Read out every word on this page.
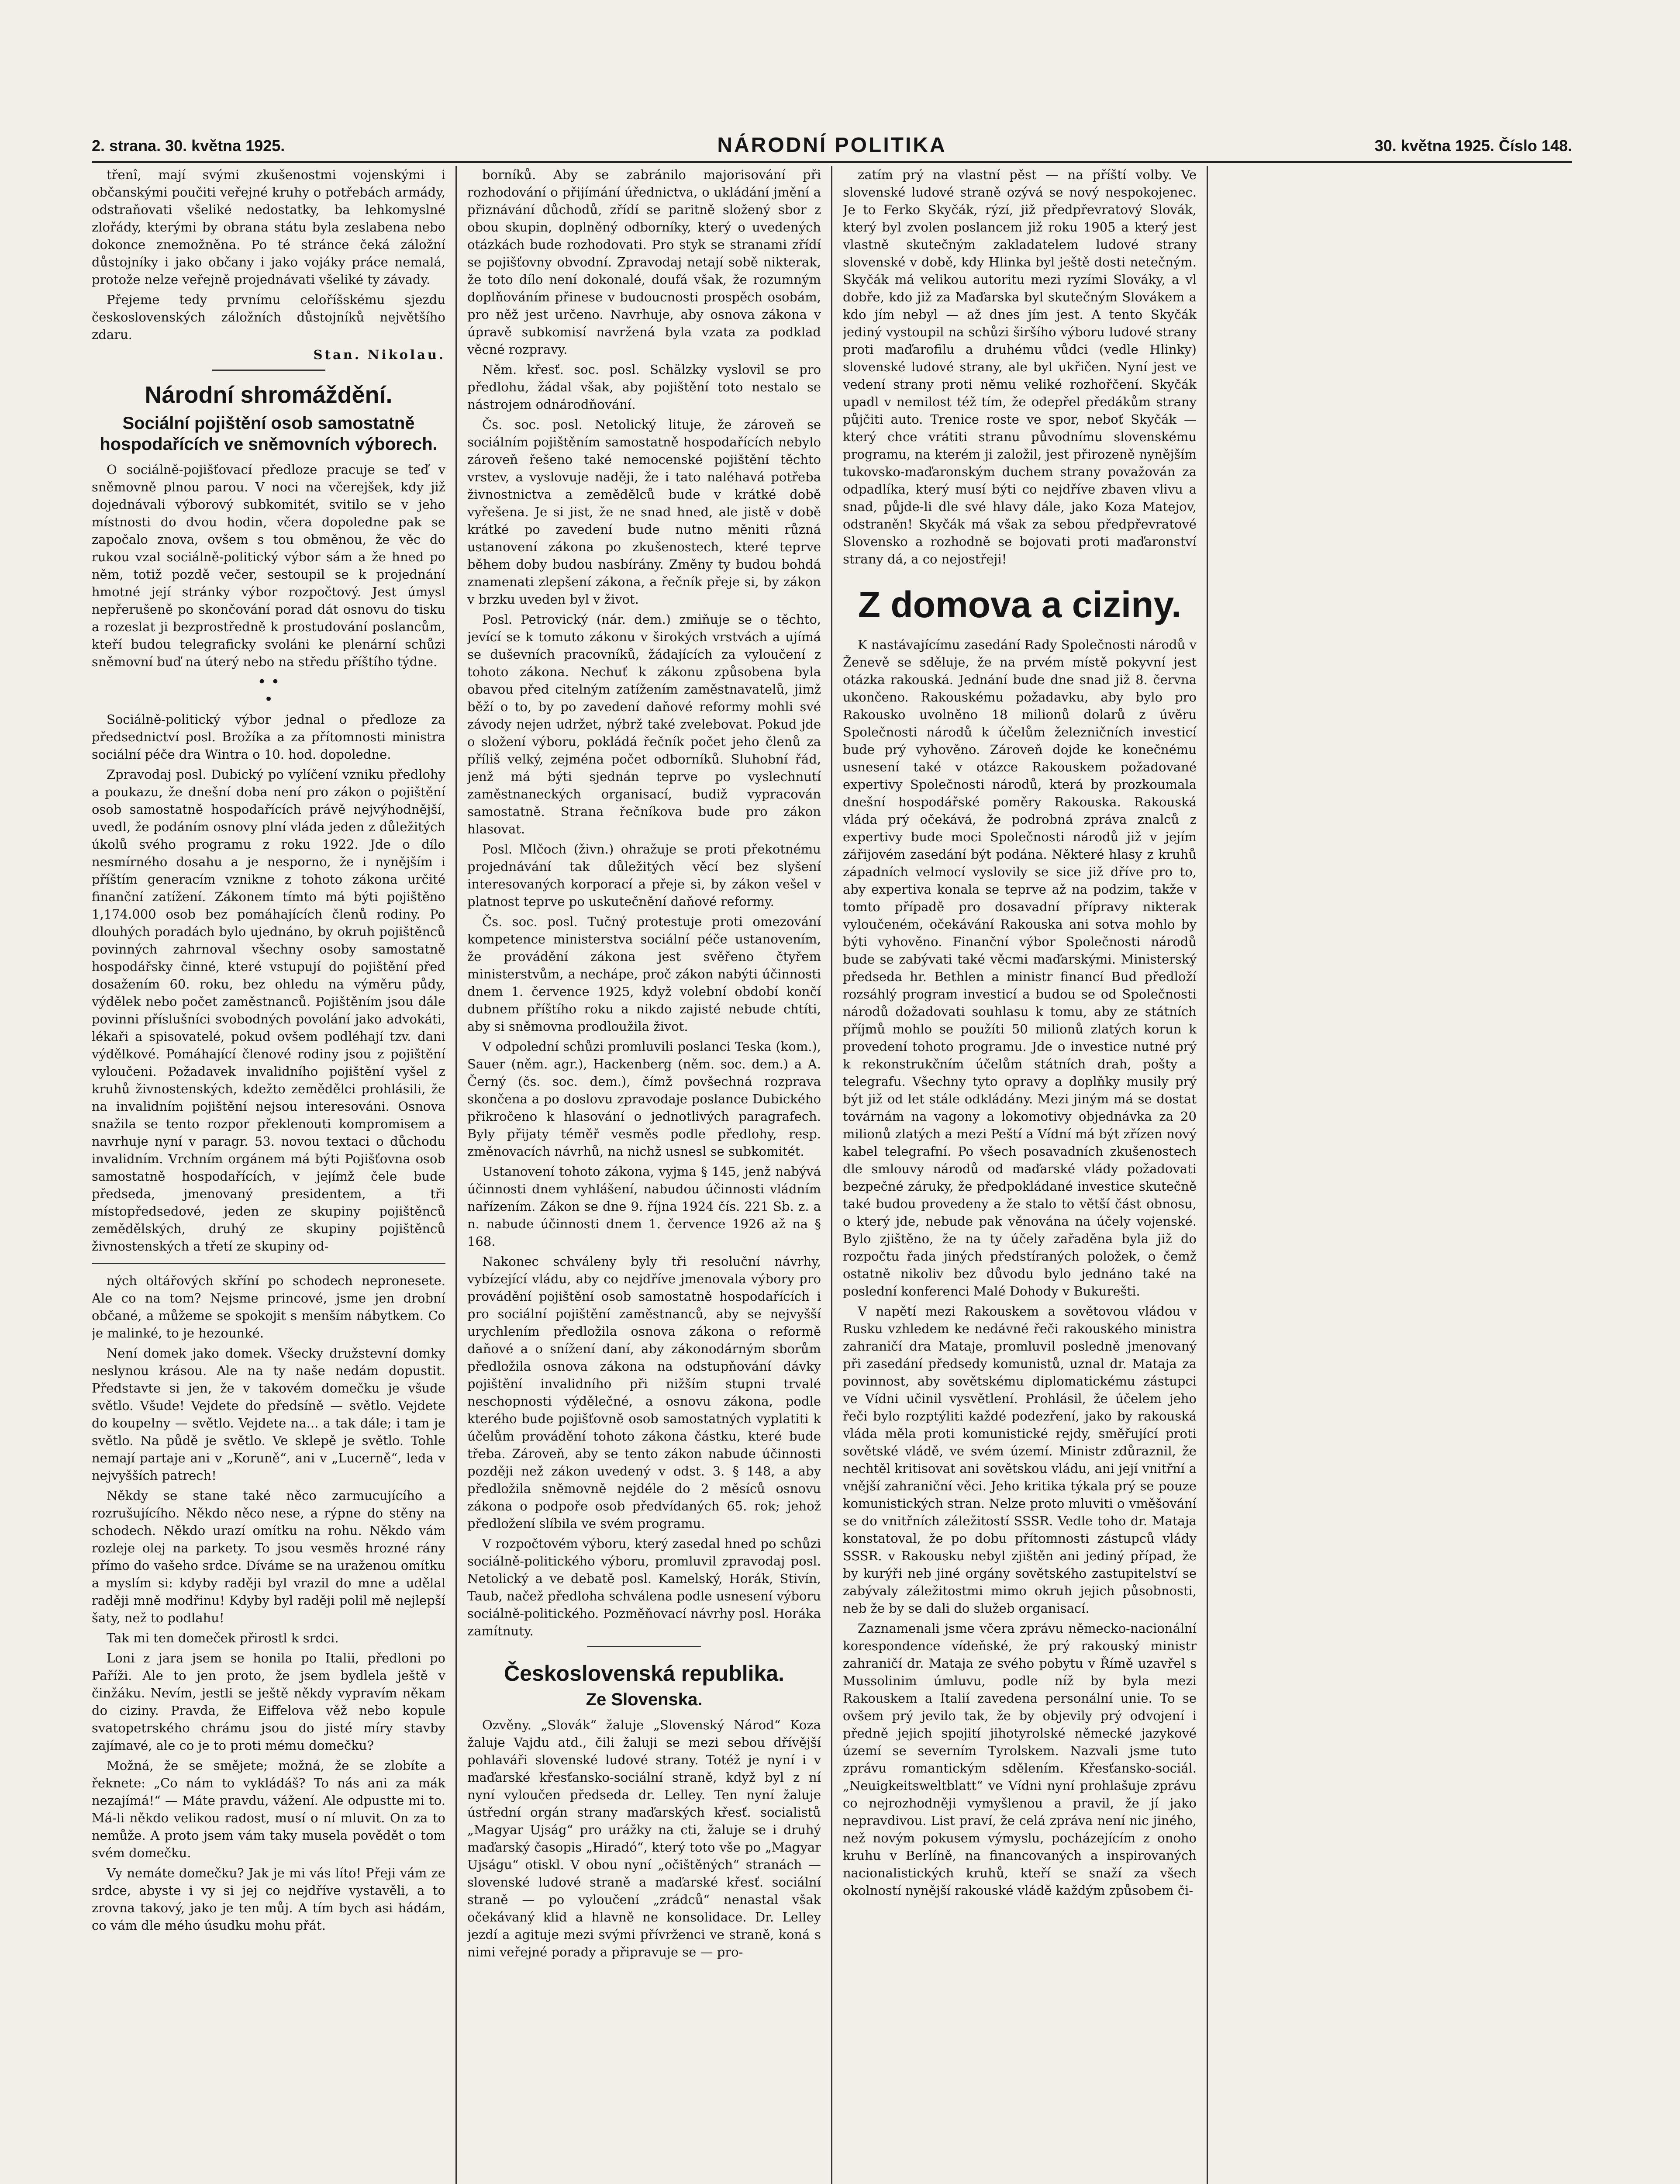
2. strana. 30. května 1925.	NÁRODNÍ POLITIKA	30. května 1925. Číslo 148.

třenî, mají svými zkušenostmi vojenskými i občanskými poučiti veřejné kruhy o potřebách armády, odstraňovati všeliké nedostatky, ba lehkomyslné zlořády, kterými by obrana státu byla zeslabena nebo dokonce znemožněna. Po té stránce čeká záložní důstojníky i jako občany i jako vojáky práce nemalá, protože nelze veřejně projednávati všeliké ty závady.

Přejeme tedy prvnímu celoříšskému sjezdu československých záložních důstojníků největšího zdaru.

Stan. Nikolau.
Národní shromáždění.
Sociální pojištění osob samostatně hospodařících ve sněmovních výborech.

O sociálně-pojišťovací předloze pracuje se teď v sněmovně plnou parou. V noci na včerejšek, kdy již dojednávali výborový subkomitét, svitilo se v jeho místnosti do dvou hodin, včera dopoledne pak se započalo znova, ovšem s tou obměnou, že věc do rukou vzal sociálně-politický výbor sám a že hned po něm, totiž pozdě večer, sestoupil se k projednání hmotné její stránky výbor rozpočtový. Jest úmysl nepřerušeně po skončování porad dát osnovu do tisku a rozeslat ji bezprostředně k prostudování poslancům, kteří budou telegraficky svoláni ke plenární schůzi sněmovní buď na úterý nebo na středu příštího týdne.

• •
•

Sociálně-politický výbor jednal o předloze za předsednictví posl. Brožíka a za přítomnosti ministra sociální péče dra Wintra o 10. hod. dopoledne.

Zpravodaj posl. Dubický po vylíčení vzniku předlohy a poukazu, že dnešní doba není pro zákon o pojištění osob samostatně hospodařících právě nejvýhodnější, uvedl, že podáním osnovy plní vláda jeden z důležitých úkolů svého programu z roku 1922. Jde o dílo nesmírného dosahu a je nesporno, že i nynějším i příštím generacím vznikne z tohoto zákona určité finanční zatížení. Zákonem tímto má býti pojištěno 1,174.000 osob bez pomáhajících členů rodiny. Po dlouhých poradách bylo ujednáno, by okruh pojištěnců povinných zahrnoval všechny osoby samostatně hospodářsky činné, které vstupují do pojištění před dosažením 60. roku, bez ohledu na výměru půdy, výdělek nebo počet zaměstnanců. Pojištěním jsou dále povinni příslušníci svobodných povolání jako advokáti, lékaři a spisovatelé, pokud ovšem podléhají tzv. dani výdělkové. Pomáhající členové rodiny jsou z pojištění vyloučeni. Požadavek invalidního pojištění vyšel z kruhů živnostenských, kdežto zemědělci prohlásili, že na invalidním pojištění nejsou interesováni. Osnova snažila se tento rozpor překlenouti kompromisem a navrhuje nyní v paragr. 53. novou textaci o důchodu invalidním. Vrchním orgánem má býti Pojišťovna osob samostatně hospodařících, v jejímž čele bude předseda, jmenovaný presidentem, a tři místopředsedové, jeden ze skupiny pojištěnců zemědělských, druhý ze skupiny pojištěnců živnostenských a třetí ze skupiny od-

ných oltářových skříní po schodech nepronesete. Ale co na tom? Nejsme princové, jsme jen drobní občané, a můžeme se spokojit s menším nábytkem. Co je malinké, to je hezounké.

Není domek jako domek. Všecky družstevní domky neslynou krásou. Ale na ty naše nedám dopustit. Představte si jen, že v takovém domečku je všude světlo. Všude! Vejdete do předsíně — světlo. Vejdete do koupelny — světlo. Vejdete na... a tak dále; i tam je světlo. Na půdě je světlo. Ve sklepě je světlo. Tohle nemají partaje ani v „Koruně“, ani v „Lucerně“, leda v nejvyšších patrech!

Někdy se stane také něco zarmucujícího a rozrušujícího. Někdo něco nese, a rýpne do stěny na schodech. Někdo urazí omítku na rohu. Někdo vám rozleje olej na parkety. To jsou vesměs hrozné rány přímo do vašeho srdce. Díváme se na uraženou omítku a myslím si: kdyby raději byl vrazil do mne a udělal raději mně modřinu! Kdyby byl raději polil mě nejlepší šaty, než to podlahu!

Tak mi ten domeček přirostl k srdci.

Loni z jara jsem se honila po Italii, předloni po Paříži. Ale to jen proto, že jsem bydlela ještě v činžáku. Nevím, jestli se ještě někdy vypravím někam do ciziny. Pravda, že Eiffelova věž nebo kopule svatopetrského chrámu jsou do jisté míry stavby zajímavé, ale co je to proti mému domečku?

Možná, že se smějete; možná, že se zlobíte a řeknete: „Co nám to vykládáš? To nás ani za mák nezajímá!“ — Máte pravdu, vážení. Ale odpustte mi to. Má-li někdo velikou radost, musí o ní mluvit. On za to nemůže. A proto jsem vám taky musela povědět o tom svém domečku.

Vy nemáte domečku? Jak je mi vás líto! Přeji vám ze srdce, abyste i vy si jej co nejdříve vystavěli, a to zrovna takový, jako je ten můj. A tím bych asi hádám, co vám dle mého úsudku mohu přát.

borníků. Aby se zabránilo majorisování při rozhodování o přijímání úřednictva, o ukládání jmění a přiznávání důchodů, zřídí se paritně složený sbor z obou skupin, doplněný odborníky, který o uvedených otázkách bude rozhodovati. Pro styk se stranami zřídí se pojišťovny obvodní. Zpravodaj netají sobě nikterak, že toto dílo není dokonalé, doufá však, že rozumným doplňováním přinese v budoucnosti prospěch osobám, pro něž jest určeno. Navrhuje, aby osnova zákona v úpravě subkomisí navržená byla vzata za podklad věcné rozpravy.

Něm. křesť. soc. posl. Schälzky vyslovil se pro předlohu, žádal však, aby pojištění toto nestalo se nástrojem odnárodňování.

Čs. soc. posl. Netolický lituje, že zároveň se sociálním pojištěním samostatně hospodařících nebylo zároveň řešeno také nemocenské pojištění těchto vrstev, a vyslovuje naději, že i tato naléhavá potřeba živnostnictva a zemědělců bude v krátké době vyřešena. Je si jist, že ne snad hned, ale jistě v době krátké po zavedení bude nutno měniti různá ustanovení zákona po zkušenostech, které teprve během doby budou nasbírány. Změny ty budou bohdá znamenati zlepšení zákona, a řečník přeje si, by zákon v brzku uveden byl v život.

Posl. Petrovický (nár. dem.) zmiňuje se o těchto, jevící se k tomuto zákonu v širokých vrstvách a ujímá se duševních pracovníků, žádajících za vyloučení z tohoto zákona. Nechuť k zákonu způsobena byla obavou před citelným zatížením zaměstnavatelů, jimž běží o to, by po zavedení daňové reformy mohli své závody nejen udržet, nýbrž také zvelebovat. Pokud jde o složení výboru, pokládá řečník počet jeho členů za příliš velký, zejména počet odborníků. Sluhobní řád, jenž má býti sjednán teprve po vyslechnutí zaměstnaneckých organisací, budiž vypracován samostatně. Strana řečníkova bude pro zákon hlasovat.

Posl. Mlčoch (živn.) ohražuje se proti překotnému projednávání tak důležitých věcí bez slyšení interesovaných korporací a přeje si, by zákon vešel v platnost teprve po uskutečnění daňové reformy.

Čs. soc. posl. Tučný protestuje proti omezování kompetence ministerstva sociální péče ustanovením, že provádění zákona jest svěřeno čtyřem ministerstvům, a nechápe, proč zákon nabýti účinnosti dnem 1. července 1925, když volební období končí dubnem příštího roku a nikdo zajisté nebude chtíti, aby si sněmovna prodloužila život.

V odpolední schůzi promluvili poslanci Teska (kom.), Sauer (něm. agr.), Hackenberg (něm. soc. dem.) a A. Černý (čs. soc. dem.), čímž povšechná rozprava skončena a po doslovu zpravodaje poslance Dubického přikročeno k hlasování o jednotlivých paragrafech. Byly přijaty téměř vesměs podle předlohy, resp. změnovacích návrhů, na nichž usnesl se subkomitét.

Ustanovení tohoto zákona, vyjma § 145, jenž nabývá účinnosti dnem vyhlášení, nabudou účinnosti vládním nařízením. Zákon se dne 9. října 1924 čís. 221 Sb. z. a n. nabude účinnosti dnem 1. července 1926 až na § 168.

Nakonec schváleny byly tři resoluční návrhy, vybízející vládu, aby co nejdříve jmenovala výbory pro provádění pojištění osob samostatně hospodařících i pro sociální pojištění zaměstnanců, aby se nejvyšší urychlením předložila osnova zákona o reformě daňové a o snížení daní, aby zákonodárným sborům předložila osnova zákona na odstupňování dávky pojištění invalidního při nižším stupni trvalé neschopnosti výdělečné, a osnovu zákona, podle kterého bude pojišťovně osob samostatných vyplatiti k účelům provádění tohoto zákona částku, které bude třeba. Zároveň, aby se tento zákon nabude účinnosti později než zákon uvedený v odst. 3. § 148, a aby předložila sněmovně nejdéle do 2 měsíců osnovu zákona o podpoře osob předvídaných 65. rok; jehož předložení slíbila ve svém programu.

V rozpočtovém výboru, který zasedal hned po schůzi sociálně-politického výboru, promluvil zpravodaj posl. Netolický a ve debatě posl. Kamelský, Horák, Stivín, Taub, načež předloha schválena podle usnesení výboru sociálně-politického. Pozměňovací návrhy posl. Horáka zamítnuty.

Československá republika.
Ze Slovenska.

Ozvěny. „Slovák“ žaluje „Slovenský Národ“ Koza žaluje Vajdu atd., čili žaluji se mezi sebou dřívější pohlaváři slovenské ludové strany. Totéž je nyní i v maďarské křesťansko-sociální straně, když byl z ní nyní vyloučen předseda dr. Lelley. Ten nyní žaluje ústřední orgán strany maďarských křesť. socialistů „Magyar Ujság“ pro urážky na cti, žaluje se i druhý maďarský časopis „Hiradó“, který toto vše po „Magyar Ujságu“ otiskl. V obou nyní „očištěných“ stranách — slovenské ludové straně a maďarské křesť. sociální straně — po vyloučení „zrádců“ nenastal však očekávaný klid a hlavně ne konsolidace. Dr. Lelley jezdí a agituje mezi svými přívrženci ve straně, koná s nimi veřejné porady a připravuje se — pro-

zatím prý na vlastní pěst — na příští volby. Ve slovenské ludové straně ozývá se nový nespokojenec. Je to Ferko Skyčák, rýzí, již předpřevratový Slovák, který byl zvolen poslancem již roku 1905 a který jest vlastně skutečným zakladatelem ludové strany slovenské v době, kdy Hlinka byl ještě dosti netečným. Skyčák má velikou autoritu mezi ryzími Slováky, a vl dobře, kdo již za Maďarska byl skutečným Slovákem a kdo jím nebyl — až dnes jím jest. A tento Skyčák jediný vystoupil na schůzi širšího výboru ludové strany proti maďarofilu a druhému vůdci (vedle Hlinky) slovenské ludové strany, ale byl ukřičen. Nyní jest ve vedení strany proti němu veliké rozhořčení. Skyčák upadl v nemilost též tím, že odepřel předákům strany půjčiti auto. Trenice roste ve spor, neboť Skyčák — který chce vrátiti stranu původnímu slovenskému programu, na kterém ji založil, jest přirozeně nynějším tukovsko-maďaronským duchem strany považován za odpadlíka, který musí býti co nejdříve zbaven vlivu a snad, půjde-li dle své hlavy dále, jako Koza Matejov, odstraněn! Skyčák má však za sebou předpřevratové Slovensko a rozhodně se bojovati proti maďaronství strany dá, a co nejostřeji!

Z domova a ciziny.

K nastávajícímu zasedání Rady Společnosti národů v Ženevě se sděluje, že na prvém místě pokyvní jest otázka rakouská. Jednání bude dne snad již 8. června ukončeno. Rakouskému požadavku, aby bylo pro Rakousko uvolněno 18 milionů dolarů z úvěru Společnosti národů k účelům železničních investicí bude prý vyhověno. Zároveň dojde ke konečnému usnesení také v otázce Rakouskem požadované expertivy Společnosti národů, která by prozkoumala dnešní hospodářské poměry Rakouska. Rakouská vláda prý očekává, že podrobná zpráva znalců z expertivy bude moci Společnosti národů již v jejím zářijovém zasedání být podána. Některé hlasy z kruhů západních velmocí vyslovily se sice již dříve pro to, aby expertiva konala se teprve až na podzim, takže v tomto případě pro dosavadní přípravy nikterak vyloučeném, očekávání Rakouska ani sotva mohlo by býti vyhověno. Finanční výbor Společnosti národů bude se zabývati také věcmi maďarskými. Ministerský předseda hr. Bethlen a ministr financí Bud předloží rozsáhlý program investicí a budou se od Společnosti národů dožadovati souhlasu k tomu, aby ze státních příjmů mohlo se použíti 50 milionů zlatých korun k provedení tohoto programu. Jde o investice nutné prý k rekonstrukčním účelům státních drah, pošty a telegrafu. Všechny tyto opravy a doplňky musily prý být již od let stále odkládány. Mezi jiným má se dostat továrnám na vagony a lokomotivy objednávka za 20 milionů zlatých a mezi Peští a Vídní má být zřízen nový kabel telegrafní. Po všech posavadních zkušenostech dle smlouvy národů od maďarské vlády požadovati bezpečné záruky, že předpokládané investice skutečně také budou provedeny a že stalo to větší část obnosu, o který jde, nebude pak věnována na účely vojenské. Bylo zjištěno, že na ty účely zařaděna byla již do rozpočtu řada jiných předstíraných položek, o čemž ostatně nikoliv bez důvodu bylo jednáno také na poslední konferenci Malé Dohody v Bukurešti.

V napětí mezi Rakouskem a sovětovou vládou v Rusku vzhledem ke nedávné řeči rakouského ministra zahraničí dra Mataje, promluvil posledně jmenovaný při zasedání předsedy komunistů, uznal dr. Mataja za povinnost, aby sovětskému diplomatickému zástupci ve Vídni učinil vysvětlení. Prohlásil, že účelem jeho řeči bylo rozptýliti každé podezření, jako by rakouská vláda měla proti komunistické rejdy, směřující proti sovětské vládě, ve svém území. Ministr zdůraznil, že nechtěl kritisovat ani sovětskou vládu, ani její vnitřní a vnější zahraniční věci. Jeho kritika týkala prý se pouze komunistických stran. Nelze proto mluviti o vměšování se do vnitřních záležitostí SSSR. Vedle toho dr. Mataja konstatoval, že po dobu přítomnosti zástupců vlády SSSR. v Rakousku nebyl zjištěn ani jediný případ, že by kurýři neb jiné orgány sovětského zastupitelství se zabývaly záležitostmi mimo okruh jejich působnosti, neb že by se dali do služeb organisací.

Zaznamenali jsme včera zprávu německo-nacionální korespondence vídeňské, že prý rakouský ministr zahraničí dr. Mataja ze svého pobytu v Římě uzavřel s Mussolinim úmluvu, podle níž by byla mezi Rakouskem a Italií zavedena personální unie. To se ovšem prý jevilo tak, že by objevily prý odvojení i předně jejich spojití jihotyrolské německé jazykové území se severním Tyrolskem. Nazvali jsme tuto zprávu romantickým sdělením. Křesťansko-sociál. „Neuigkeitsweltblatt“ ve Vídni nyní prohlašuje zprávu co nejrozhodněji vymyšlenou a pravil, že jí jako nepravdivou. List praví, že celá zpráva není nic jiného, než novým pokusem výmyslu, pocházejícím z onoho kruhu v Berlíně, na financovaných a inspirovaných nacionalistických kruhů, kteří se snaží za všech okolností nynější rakouské vládě každým způsobem či-
